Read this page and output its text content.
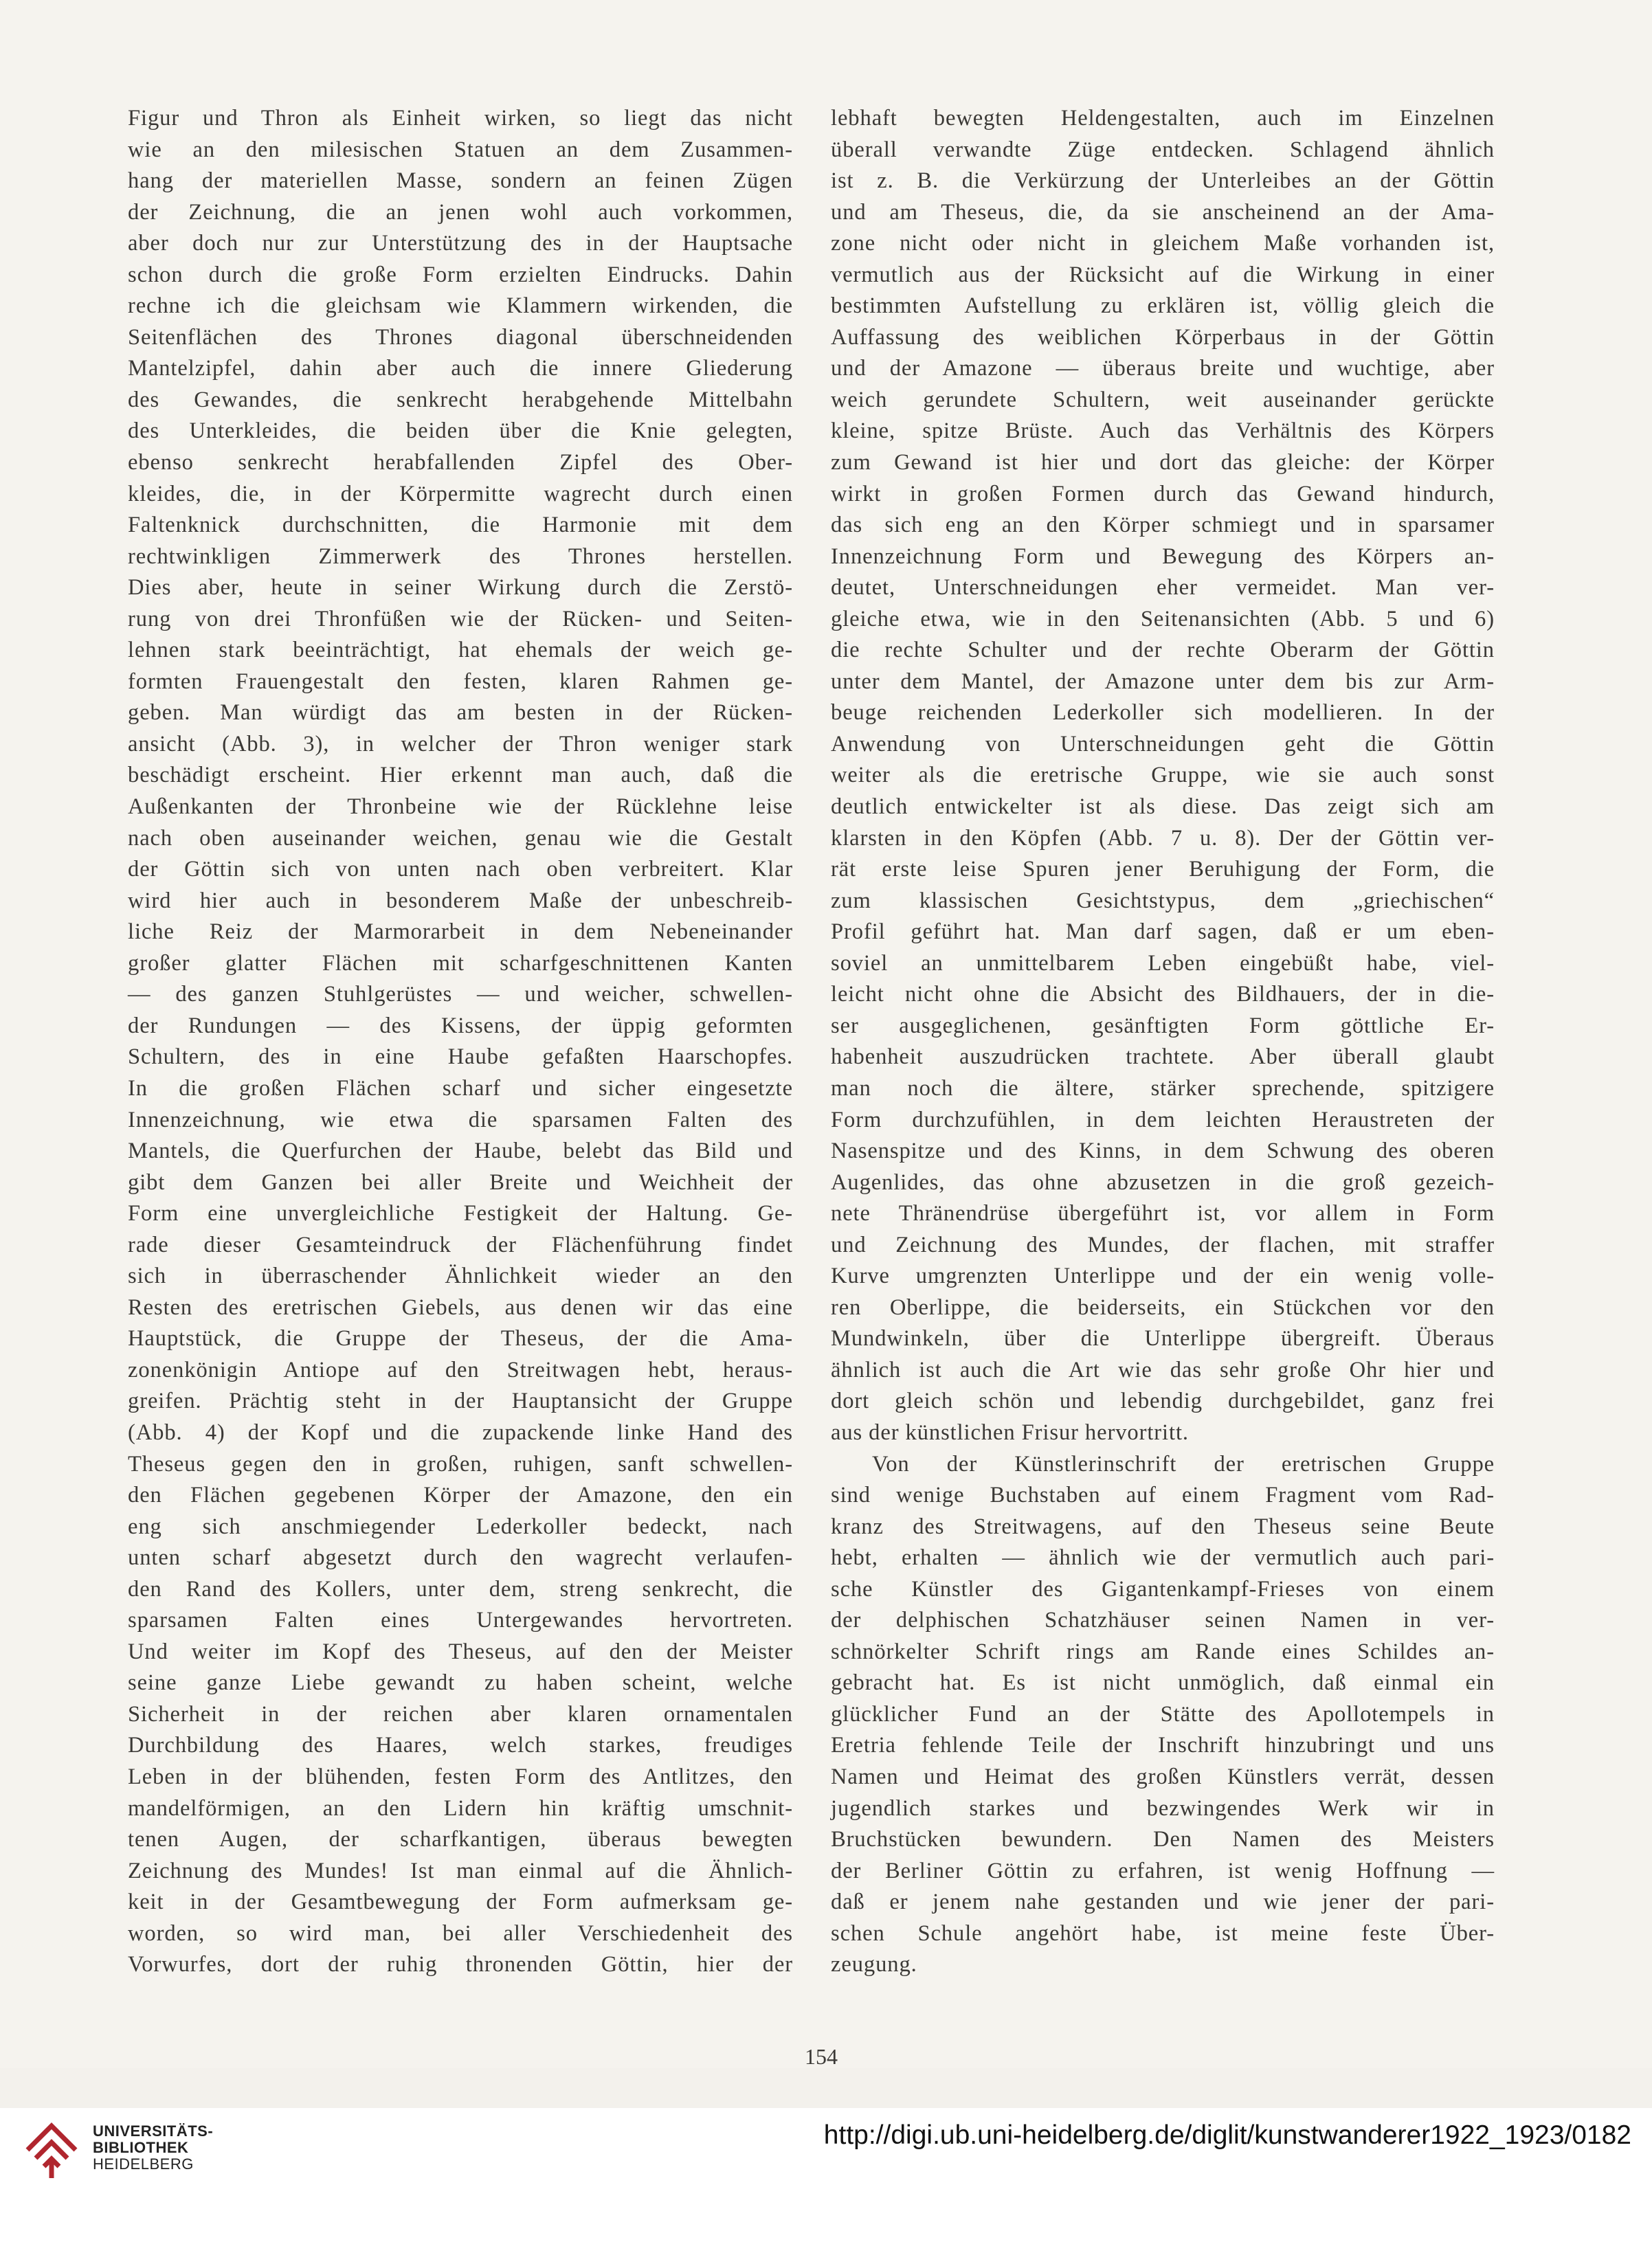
Figur und Thron als Einheit wirken, so liegt das nicht
wie an den milesischen Statuen an dem Zusammen-
hang der materiellen Masse, sondern an feinen Zügen
der Zeichnung, die an jenen wohl auch vorkommen,
aber doch nur zur Unterstützung des in der Hauptsache
schon durch die große Form erzielten Eindrucks. Dahin
rechne ich die gleichsam wie Klammern wirkenden, die
Seitenflächen des Thrones diagonal überschneidenden
Mantelzipfel, dahin aber auch die innere Gliederung
des Gewandes, die senkrecht herabgehende Mittelbahn
des Unterkleides, die beiden über die Knie gelegten,
ebenso senkrecht herabfallenden Zipfel des Ober-
kleides, die, in der Körpermitte wagrecht durch einen
Faltenknick durchschnitten, die Harmonie mit dem
rechtwinkligen Zimmerwerk des Thrones herstellen.
Dies aber, heute in seiner Wirkung durch die Zerstö-
rung von drei Thronfüßen wie der Rücken- und Seiten-
lehnen stark beeinträchtigt, hat ehemals der weich ge-
formten Frauengestalt den festen, klaren Rahmen ge-
geben. Man würdigt das am besten in der Rücken-
ansicht (Abb. 3), in welcher der Thron weniger stark
beschädigt erscheint. Hier erkennt man auch, daß die
Außenkanten der Thronbeine wie der Rücklehne leise
nach oben auseinander weichen, genau wie die Gestalt
der Göttin sich von unten nach oben verbreitert. Klar
wird hier auch in besonderem Maße der unbeschreib-
liche Reiz der Marmorarbeit in dem Nebeneinander
großer glatter Flächen mit scharfgeschnittenen Kanten
— des ganzen Stuhlgerüstes — und weicher, schwellen-
der Rundungen — des Kissens, der üppig geformten
Schultern, des in eine Haube gefaßten Haarschopfes.
In die großen Flächen scharf und sicher eingesetzte
Innenzeichnung, wie etwa die sparsamen Falten des
Mantels, die Querfurchen der Haube, belebt das Bild und
gibt dem Ganzen bei aller Breite und Weichheit der
Form eine unvergleichliche Festigkeit der Haltung. Ge-
rade dieser Gesamteindruck der Flächenführung findet
sich in überraschender Ähnlichkeit wieder an den
Resten des eretrischen Giebels, aus denen wir das eine
Hauptstück, die Gruppe der Theseus, der die Ama-
zonenkönigin Antiope auf den Streitwagen hebt, heraus-
greifen. Prächtig steht in der Hauptansicht der Gruppe
(Abb. 4) der Kopf und die zupackende linke Hand des
Theseus gegen den in großen, ruhigen, sanft schwellen-
den Flächen gegebenen Körper der Amazone, den ein
eng sich anschmiegender Lederkoller bedeckt, nach
unten scharf abgesetzt durch den wagrecht verlaufen-
den Rand des Kollers, unter dem, streng senkrecht, die
sparsamen Falten eines Untergewandes hervortreten.
Und weiter im Kopf des Theseus, auf den der Meister
seine ganze Liebe gewandt zu haben scheint, welche
Sicherheit in der reichen aber klaren ornamentalen
Durchbildung des Haares, welch starkes, freudiges
Leben in der blühenden, festen Form des Antlitzes, den
mandelförmigen, an den Lidern hin kräftig umschnit-
tenen Augen, der scharfkantigen, überaus bewegten
Zeichnung des Mundes! Ist man einmal auf die Ähnlich-
keit in der Gesamtbewegung der Form aufmerksam ge-
worden, so wird man, bei aller Verschiedenheit des
Vorwurfes, dort der ruhig thronenden Göttin, hier der
lebhaft bewegten Heldengestalten, auch im Einzelnen
überall verwandte Züge entdecken. Schlagend ähnlich
ist z. B. die Verkürzung der Unterleibes an der Göttin
und am Theseus, die, da sie anscheinend an der Ama-
zone nicht oder nicht in gleichem Maße vorhanden ist,
vermutlich aus der Rücksicht auf die Wirkung in einer
bestimmten Aufstellung zu erklären ist, völlig gleich die
Auffassung des weiblichen Körperbaus in der Göttin
und der Amazone — überaus breite und wuchtige, aber
weich gerundete Schultern, weit auseinander gerückte
kleine, spitze Brüste. Auch das Verhältnis des Körpers
zum Gewand ist hier und dort das gleiche: der Körper
wirkt in großen Formen durch das Gewand hindurch,
das sich eng an den Körper schmiegt und in sparsamer
Innenzeichnung Form und Bewegung des Körpers an-
deutet, Unterschneidungen eher vermeidet. Man ver-
gleiche etwa, wie in den Seitenansichten (Abb. 5 und 6)
die rechte Schulter und der rechte Oberarm der Göttin
unter dem Mantel, der Amazone unter dem bis zur Arm-
beuge reichenden Lederkoller sich modellieren. In der
Anwendung von Unterschneidungen geht die Göttin
weiter als die eretrische Gruppe, wie sie auch sonst
deutlich entwickelter ist als diese. Das zeigt sich am
klarsten in den Köpfen (Abb. 7 u. 8). Der der Göttin ver-
rät erste leise Spuren jener Beruhigung der Form, die
zum klassischen Gesichtstypus, dem „griechischen“
Profil geführt hat. Man darf sagen, daß er um eben-
soviel an unmittelbarem Leben eingebüßt habe, viel-
leicht nicht ohne die Absicht des Bildhauers, der in die-
ser ausgeglichenen, gesänftigten Form göttliche Er-
habenheit auszudrücken trachtete. Aber überall glaubt
man noch die ältere, stärker sprechende, spitzigere
Form durchzufühlen, in dem leichten Heraustreten der
Nasenspitze und des Kinns, in dem Schwung des oberen
Augenlides, das ohne abzusetzen in die groß gezeich-
nete Thränendrüse übergeführt ist, vor allem in Form
und Zeichnung des Mundes, der flachen, mit straffer
Kurve umgrenzten Unterlippe und der ein wenig volle-
ren Oberlippe, die beiderseits, ein Stückchen vor den
Mundwinkeln, über die Unterlippe übergreift. Überaus
ähnlich ist auch die Art wie das sehr große Ohr hier und
dort gleich schön und lebendig durchgebildet, ganz frei
aus der künstlichen Frisur hervortritt.
Von der Künstlerinschrift der eretrischen Gruppe
sind wenige Buchstaben auf einem Fragment vom Rad-
kranz des Streitwagens, auf den Theseus seine Beute
hebt, erhalten — ähnlich wie der vermutlich auch pari-
sche Künstler des Gigantenkampf-Frieses von einem
der delphischen Schatzhäuser seinen Namen in ver-
schnörkelter Schrift rings am Rande eines Schildes an-
gebracht hat. Es ist nicht unmöglich, daß einmal ein
glücklicher Fund an der Stätte des Apollotempels in
Eretria fehlende Teile der Inschrift hinzubringt und uns
Namen und Heimat des großen Künstlers verrät, dessen
jugendlich starkes und bezwingendes Werk wir in
Bruchstücken bewundern. Den Namen des Meisters
der Berliner Göttin zu erfahren, ist wenig Hoffnung —
daß er jenem nahe gestanden und wie jener der pari-
schen Schule angehört habe, ist meine feste Über-
zeugung.
154
UNIVERSITÄTS-
BIBLIOTHEK
HEIDELBERG
http://digi.ub.uni-heidelberg.de/diglit/kunstwanderer1922_1923/0182
